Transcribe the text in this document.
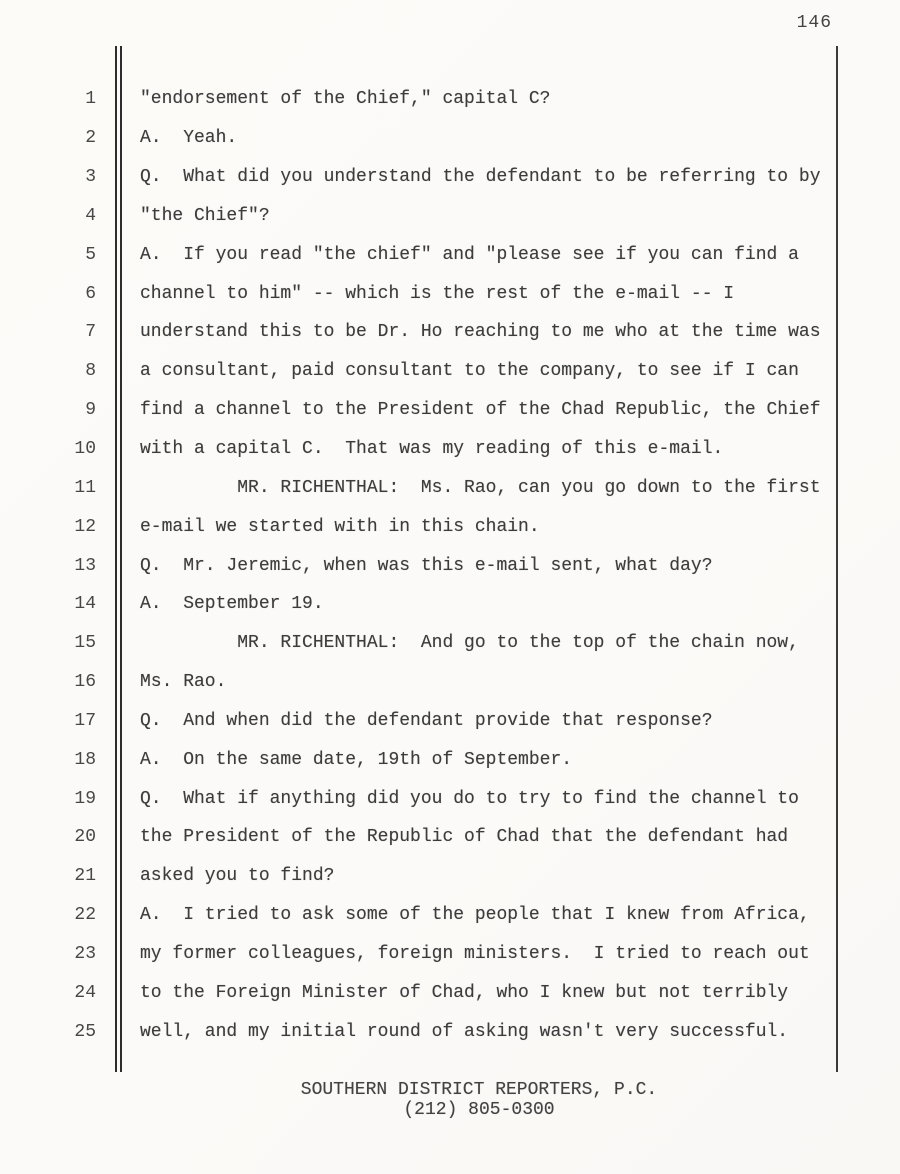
146
1 "endorsement of the Chief," capital C?
2 A.  Yeah.
3 Q.  What did you understand the defendant to be referring to by
4 "the Chief"?
5 A.  If you read "the chief" and "please see if you can find a
6 channel to him" -- which is the rest of the e-mail -- I
7 understand this to be Dr. Ho reaching to me who at the time was
8 a consultant, paid consultant to the company, to see if I can
9 find a channel to the President of the Chad Republic, the Chief
10 with a capital C.  That was my reading of this e-mail.
11 MR. RICHENTHAL:  Ms. Rao, can you go down to the first
12 e-mail we started with in this chain.
13 Q.  Mr. Jeremic, when was this e-mail sent, what day?
14 A.  September 19.
15 MR. RICHENTHAL:  And go to the top of the chain now,
16 Ms. Rao.
17 Q.  And when did the defendant provide that response?
18 A.  On the same date, 19th of September.
19 Q.  What if anything did you do to try to find the channel to
20 the President of the Republic of Chad that the defendant had
21 asked you to find?
22 A.  I tried to ask some of the people that I knew from Africa,
23 my former colleagues, foreign ministers.  I tried to reach out
24 to the Foreign Minister of Chad, who I knew but not terribly
25 well, and my initial round of asking wasn't very successful.
SOUTHERN DISTRICT REPORTERS, P.C.
(212) 805-0300
